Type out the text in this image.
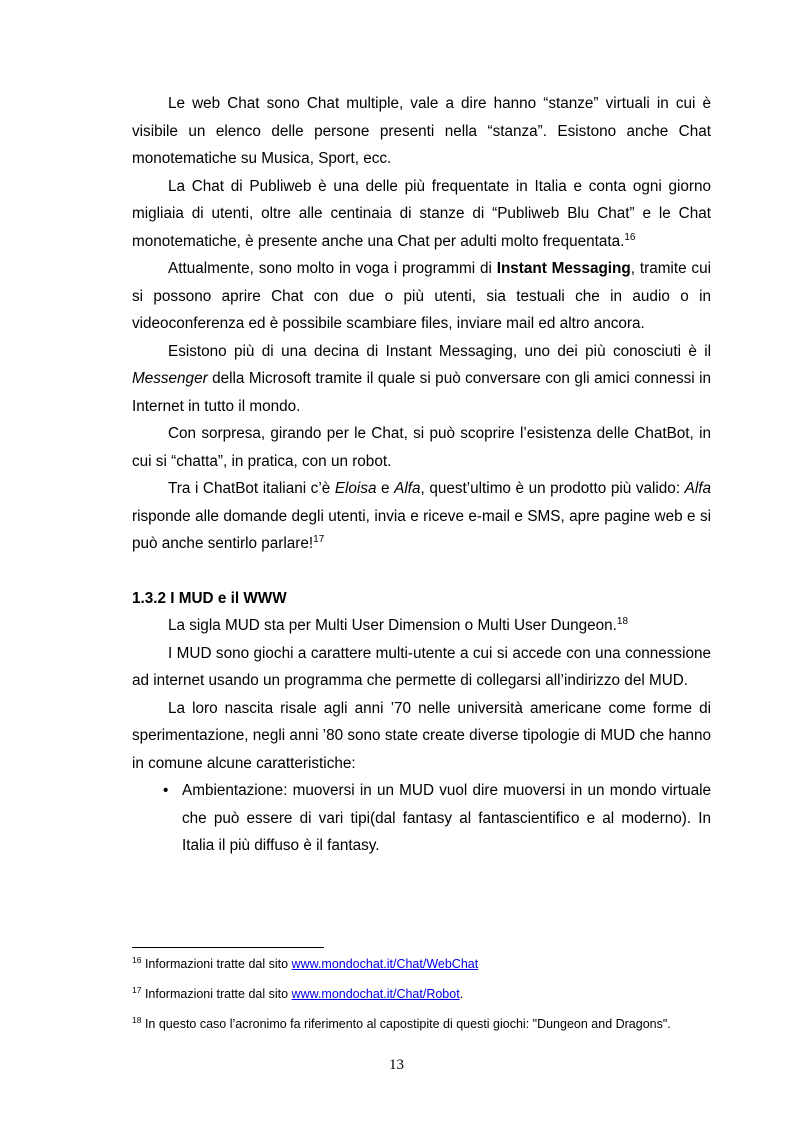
Le web Chat sono Chat multiple, vale a dire hanno “stanze” virtuali in cui è visibile un elenco delle persone presenti nella “stanza”. Esistono anche Chat monotematiche su Musica, Sport, ecc.

La Chat di Publiweb è una delle più frequentate in Italia e conta ogni giorno migliaia di utenti, oltre alle centinaia di stanze di “Publiweb Blu Chat” e le Chat monotematiche, è presente anche una Chat per adulti molto frequentata.$^{16}$

Attualmente, sono molto in voga i programmi di Instant Messaging, tramite cui si possono aprire Chat con due o più utenti, sia testuali che in audio o in videoconferenza ed è possibile scambiare files, inviare mail ed altro ancora.

Esistono più di una decina di Instant Messaging, uno dei più conosciuti è il Messenger della Microsoft tramite il quale si può conversare con gli amici connessi in Internet in tutto il mondo.

Con sorpresa, girando per le Chat, si può scoprire l’esistenza delle ChatBot, in cui si “chatta”, in pratica, con un robot.

Tra i ChatBot italiani c’è Eloisa e Alfa, quest’ultimo è un prodotto più valido: Alfa risponde alle domande degli utenti, invia e riceve e-mail e SMS, apre pagine web e si può anche sentirlo parlare!$^{17}$

1.3.2 I MUD e il WWW

La sigla MUD sta per Multi User Dimension o Multi User Dungeon.$^{18}$

I MUD sono giochi a carattere multi-utente a cui si accede con una connessione ad internet usando un programma che permette di collegarsi all’indirizzo del MUD.

La loro nascita risale agli anni ’70 nelle università americane come forme di sperimentazione, negli anni ’80 sono state create diverse tipologie di MUD che hanno in comune alcune caratteristiche:

• Ambientazione: muoversi in un MUD vuol dire muoversi in un mondo virtuale che può essere di vari tipi(dal fantasy al fantascientifico e al moderno). In Italia il più diffuso è il fantasy.
$^{16}$ Informazioni tratte dal sito www.mondochat.it/Chat/WebChat
$^{17}$ Informazioni tratte dal sito www.mondochat.it/Chat/Robot.
$^{18}$ In questo caso l’acronimo fa riferimento al capostipite di questi giochi: "Dungeon and Dragons".
13
